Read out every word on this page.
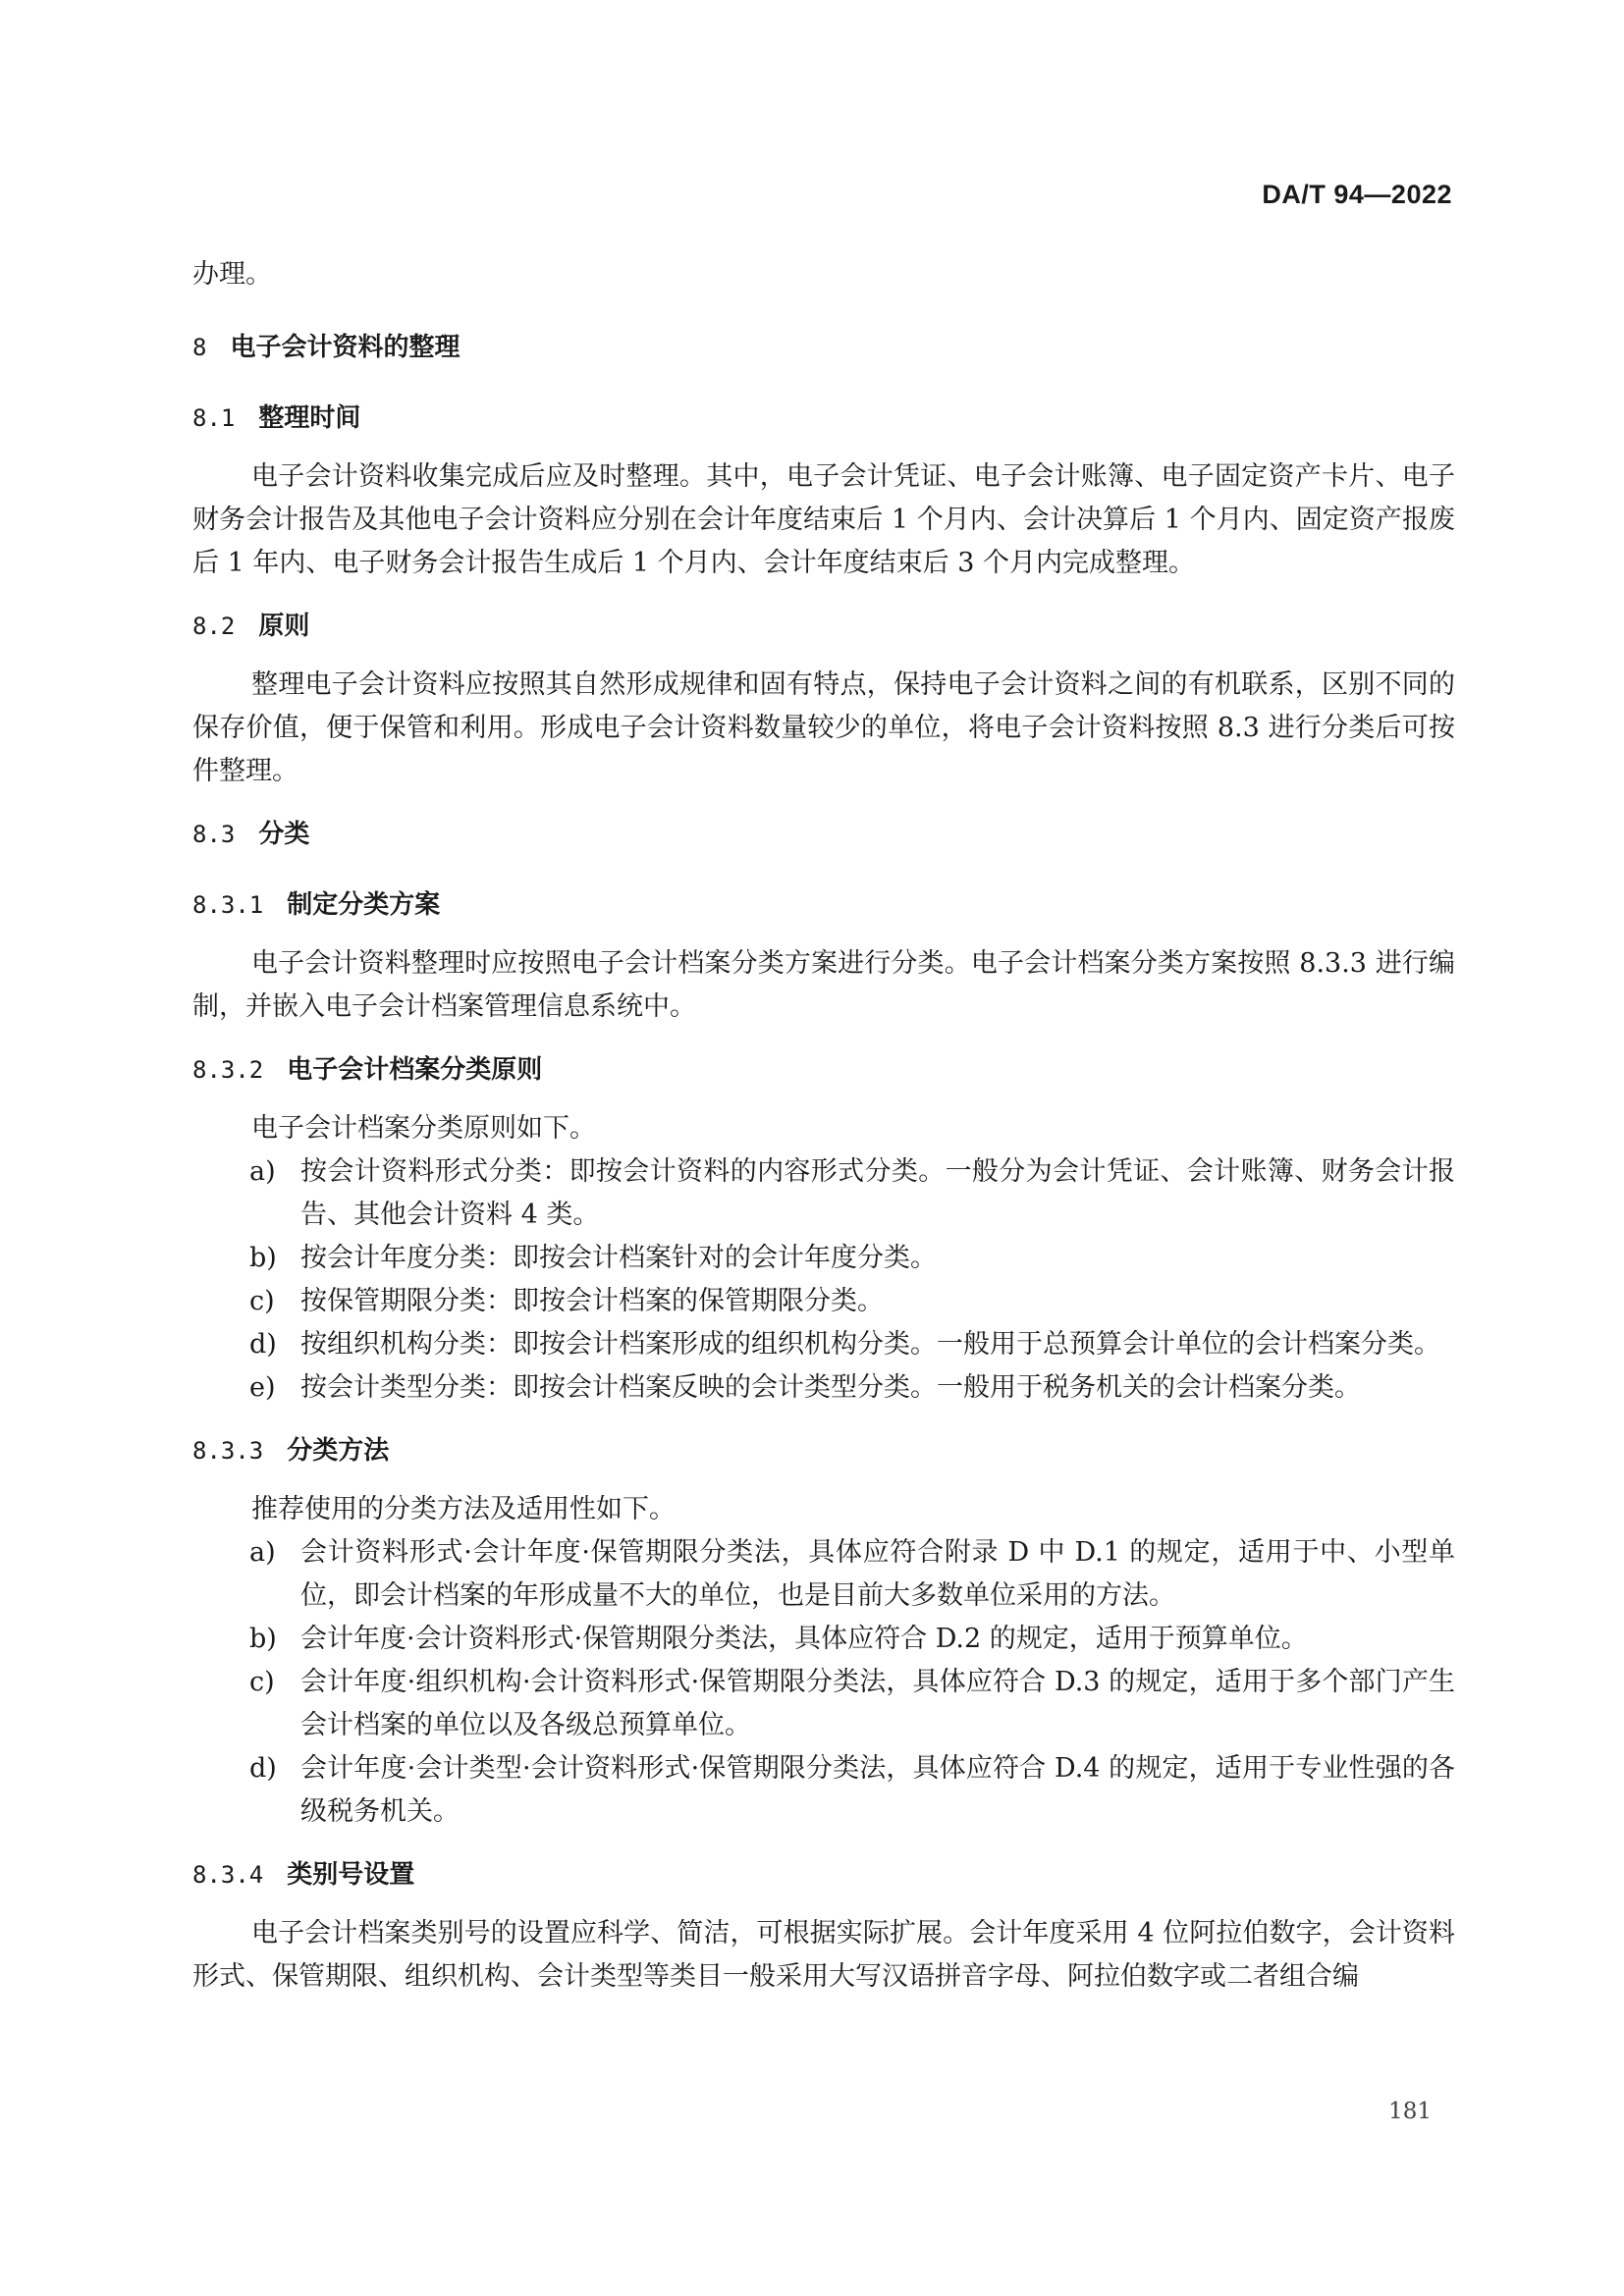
DA/T 94—2022

办理。

8 电子会计资料的整理
8.1 整理时间

电子会计资料收集完成后应及时整理。其中，电子会计凭证、电子会计账簿、电子固定资产卡片、电子财务会计报告及其他电子会计资料应分别在会计年度结束后 1 个月内、会计决算后 1 个月内、固定资产报废后 1 年内、电子财务会计报告生成后 1 个月内、会计年度结束后 3 个月内完成整理。

8.2 原则

整理电子会计资料应按照其自然形成规律和固有特点，保持电子会计资料之间的有机联系，区别不同的保存价值，便于保管和利用。形成电子会计资料数量较少的单位，将电子会计资料按照 8.3 进行分类后可按件整理。

8.3 分类
8.3.1 制定分类方案

电子会计资料整理时应按照电子会计档案分类方案进行分类。电子会计档案分类方案按照 8.3.3 进行编制，并嵌入电子会计档案管理信息系统中。

8.3.2 电子会计档案分类原则

电子会计档案分类原则如下。

a) 按会计资料形式分类：即按会计资料的内容形式分类。一般分为会计凭证、会计账簿、财务会计报告、其他会计资料 4 类。
b) 按会计年度分类：即按会计档案针对的会计年度分类。
c) 按保管期限分类：即按会计档案的保管期限分类。
d) 按组织机构分类：即按会计档案形成的组织机构分类。一般用于总预算会计单位的会计档案分类。
e) 按会计类型分类：即按会计档案反映的会计类型分类。一般用于税务机关的会计档案分类。
8.3.3 分类方法

推荐使用的分类方法及适用性如下。

a) 会计资料形式·会计年度·保管期限分类法，具体应符合附录 D 中 D.1 的规定，适用于中、小型单位，即会计档案的年形成量不大的单位，也是目前大多数单位采用的方法。
b) 会计年度·会计资料形式·保管期限分类法，具体应符合 D.2 的规定，适用于预算单位。
c) 会计年度·组织机构·会计资料形式·保管期限分类法，具体应符合 D.3 的规定，适用于多个部门产生会计档案的单位以及各级总预算单位。
d) 会计年度·会计类型·会计资料形式·保管期限分类法，具体应符合 D.4 的规定，适用于专业性强的各级税务机关。
8.3.4 类别号设置

电子会计档案类别号的设置应科学、简洁，可根据实际扩展。会计年度采用 4 位阿拉伯数字，会计资料形式、保管期限、组织机构、会计类型等类目一般采用大写汉语拼音字母、阿拉伯数字或二者组合编

181
